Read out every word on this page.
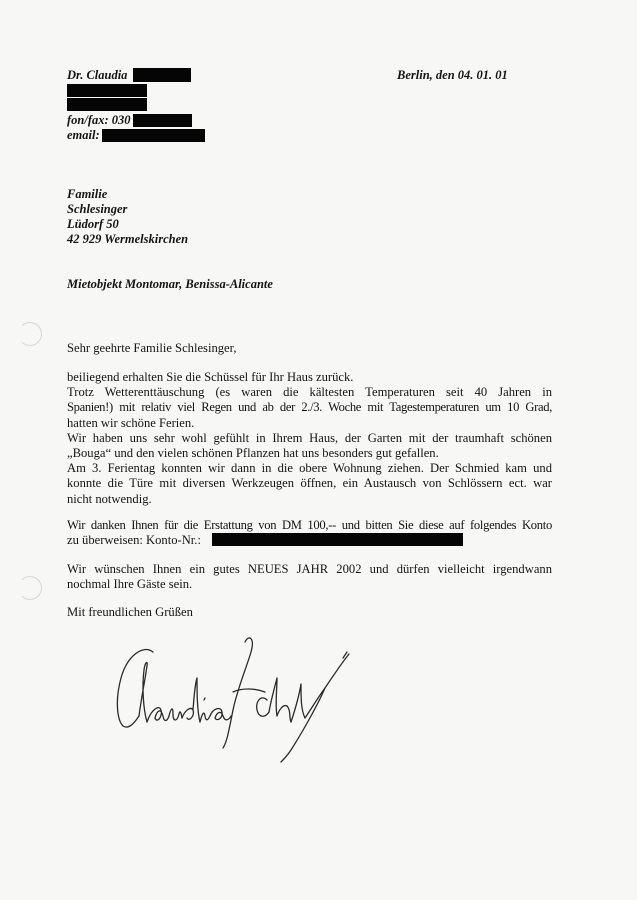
Dr. Claudia
fon/fax: 030
email:
Berlin, den 04. 01. 01
Familie
Schlesinger
Lüdorf 50
42 929 Wermelskirchen
Mietobjekt Montomar, Benissa-Alicante
Sehr geehrte Familie Schlesinger,
beiliegend erhalten Sie die Schüssel für Ihr Haus zurück.
Trotz Wetterenttäuschung (es waren die kältesten Temperaturen seit 40 Jahren in
Spanien!) mit relativ viel Regen und ab der 2./3. Woche mit Tagestemperaturen um 10 Grad,
hatten wir schöne Ferien.
Wir haben uns sehr wohl gefühlt in Ihrem Haus, der Garten mit der traumhaft schönen
„Bouga“ und den vielen schönen Pflanzen hat uns besonders gut gefallen.
Am 3. Ferientag konnten wir dann in die obere Wohnung ziehen. Der Schmied kam und
konnte die Türe mit diversen Werkzeugen öffnen, ein Austausch von Schlössern ect. war
nicht notwendig.
Wir danken Ihnen für die Erstattung von DM 100,-- und bitten Sie diese auf folgendes Konto
zu überweisen: Konto-Nr.:
Wir wünschen Ihnen ein gutes NEUES JAHR 2002 und dürfen vielleicht irgendwann
nochmal Ihre Gäste sein.
Mit freundlichen Grüßen
